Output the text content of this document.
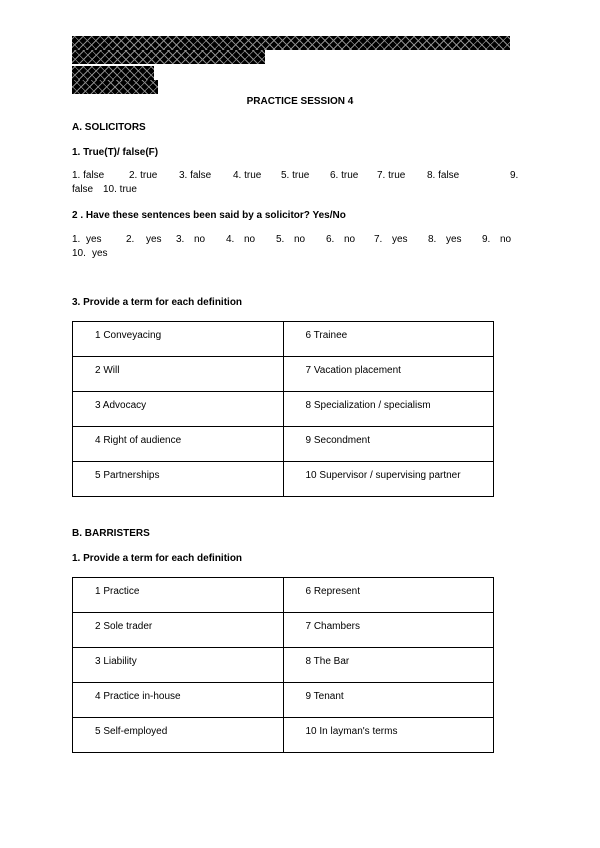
PRACTICE SESSION 4
A. SOLICITORS
1. True(T)/ false(F)
1. false 2. true 3. false 4. true 5. true 6. true 7. true 8. false	9.
false 10. true
2 . Have these sentences been said by a solicitor? Yes/No
1. yes 2. yes 3. no 4. no 5. no 6. no 7. yes 8. yes 9. no
10. yes
3. Provide a term for each definition
1 Conveyacing	6 Trainee
2 Will	7 Vacation placement
3 Advocacy	8 Specialization / specialism
4 Right of audience	9 Secondment
5 Partnerships	10 Supervisor / supervising partner
B. BARRISTERS
1. Provide a term for each definition
1 Practice	6 Represent
2 Sole trader	7 Chambers
3 Liability	8 The Bar
4 Practice in-house	9 Tenant
5 Self-employed	10 In layman's terms
